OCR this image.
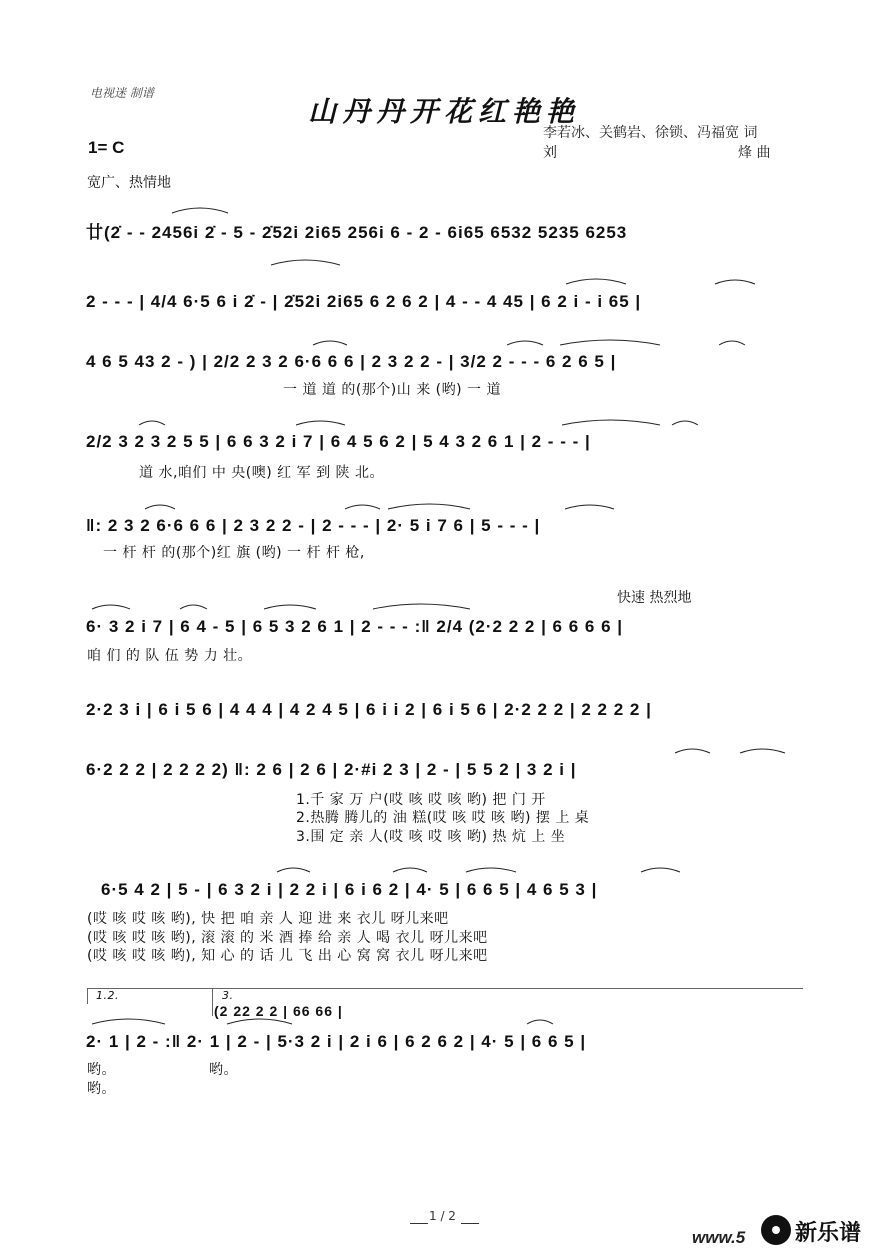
电视迷 制谱
山丹丹开花红艳艳
李若冰、关鹤岩、徐锁、冯福宽 词
刘	烽 曲
1= C
宽广、热情地
廿(2̇ - - 2456i 2̇ - 5 - 2̇52i 2i65 256i 6 - 2 - 6i65 6532 5235 6253
2 - - - | 4/4 6·5 6 i 2̇ - | 2̇52i 2i65 6 2 6 2 | 4 - - 4 45 | 6 2 i - i 65 |
4 6 5 43 2 - ) | 2/2 2 3 2 6·6 6 6 | 2 3 2 2 - | 3/2 2 - - - 6 2 6 5 |
一 道 道 的(那个)山 来 (哟) 一 道
2/2 3 2 3 2 5 5 | 6 6 3 2 i 7 | 6 4 5 6 2 | 5 4 3 2 6 1 | 2 - - - |
道 水,咱们 中 央(噢) 红 军 到 陕 北。
‖: 2 3 2 6·6 6 6 | 2 3 2 2 - | 2 - - - | 2· 5 i 7 6 | 5 - - - |
一 杆 杆 的(那个)红 旗 (哟) 一 杆 杆 枪,
快速 热烈地
6· 3 2 i 7 | 6 4 - 5 | 6 5 3 2 6 1 | 2 - - - :‖ 2/4 (2·2 2 2 | 6 6 6 6 |
咱 们 的 队 伍 势 力 壮。
2·2 3 i | 6 i 5 6 | 4 4 4 | 4 2 4 5 | 6 i i 2 | 6 i 5 6 | 2·2 2 2 | 2 2 2 2 |
6·2 2 2 | 2 2 2 2) ‖: 2 6 | 2 6 | 2·#i 2 3 | 2 - | 5 5 2 | 3 2 i |
1.千 家 万 户(哎 咳 哎 咳 哟) 把 门 开
2.热腾 腾儿的 油 糕(哎 咳 哎 咳 哟) 摆 上 桌
3.围 定 亲 人(哎 咳 哎 咳 哟) 热 炕 上 坐
6·5 4 2 | 5 - | 6 3 2 i | 2 2 i | 6 i 6 2 | 4· 5 | 6 6 5 | 4 6 5 3 |
(哎 咳 哎 咳 哟), 快 把 咱 亲 人 迎 进 来 衣儿 呀儿来吧
(哎 咳 哎 咳 哟), 滚 滚 的 米 酒 捧 给 亲 人 喝 衣儿 呀儿来吧
(哎 咳 哎 咳 哟), 知 心 的 话 儿 飞 出 心 窝 窝 衣儿 呀儿来吧
1.2.	3.
(2 22 2 2 | 66 66 |
2· 1 | 2 - :‖ 2· 1 | 2 - | 5·3 2 i | 2 i 6 | 6 2 6 2 | 4· 5 | 6 6 5 |
哟。 哟。
哟。
1 / 2
www.5 新乐谱
